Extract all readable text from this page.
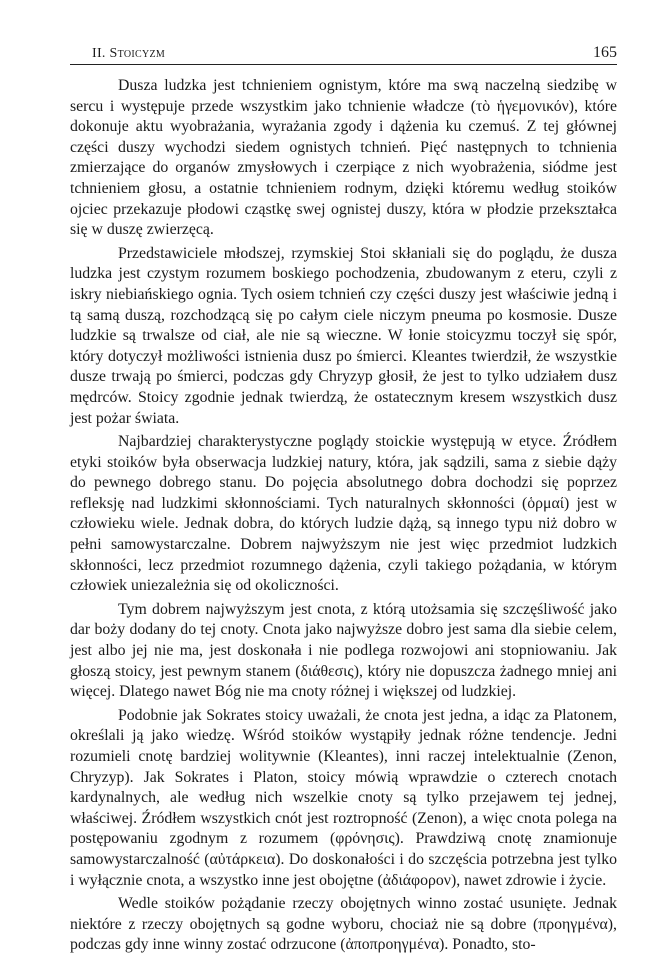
II. Stoicyzm	165

Dusza ludzka jest tchnieniem ognistym, które ma swą naczelną siedzibę w sercu i występuje przede wszystkim jako tchnienie władcze (τὸ ἡγεμονικόν), które dokonuje aktu wyobrażania, wyrażania zgody i dążenia ku czemuś. Z tej głównej części duszy wychodzi siedem ognistych tchnień. Pięć następnych to tchnienia zmierzające do organów zmysłowych i czerpiące z nich wyobrażenia, siódme jest tchnieniem głosu, a ostatnie tchnieniem rodnym, dzięki któremu według stoików ojciec przekazuje płodowi cząstkę swej ognistej duszy, która w płodzie przekształca się w duszę zwierzęcą.

Przedstawiciele młodszej, rzymskiej Stoi skłaniali się do poglądu, że dusza ludzka jest czystym rozumem boskiego pochodzenia, zbudowanym z eteru, czyli z iskry niebiańskiego ognia. Tych osiem tchnień czy części duszy jest właściwie jedną i tą samą duszą, rozchodzącą się po całym ciele niczym pneuma po kosmosie. Dusze ludzkie są trwalsze od ciał, ale nie są wieczne. W łonie stoicyzmu toczył się spór, który dotyczył możliwości istnienia dusz po śmierci. Kleantes twierdził, że wszystkie dusze trwają po śmierci, podczas gdy Chryzyp głosił, że jest to tylko udziałem dusz mędrców. Stoicy zgodnie jednak twierdzą, że ostatecznym kresem wszystkich dusz jest pożar świata.

Najbardziej charakterystyczne poglądy stoickie występują w etyce. Źródłem etyki stoików była obserwacja ludzkiej natury, która, jak sądzili, sama z siebie dąży do pewnego dobrego stanu. Do pojęcia absolutnego dobra dochodzi się poprzez refleksję nad ludzkimi skłonnościami. Tych naturalnych skłonności (ὁρμαί) jest w człowieku wiele. Jednak dobra, do których ludzie dążą, są innego typu niż dobro w pełni samowystarczalne. Dobrem najwyższym nie jest więc przedmiot ludzkich skłonności, lecz przedmiot rozumnego dążenia, czyli takiego pożądania, w którym człowiek uniezależnia się od okoliczności.

Tym dobrem najwyższym jest cnota, z którą utożsamia się szczęśliwość jako dar boży dodany do tej cnoty. Cnota jako najwyższe dobro jest sama dla siebie celem, jest albo jej nie ma, jest doskonała i nie podlega rozwojowi ani stopniowaniu. Jak głoszą stoicy, jest pewnym stanem (διάθεσις), który nie dopuszcza żadnego mniej ani więcej. Dlatego nawet Bóg nie ma cnoty różnej i większej od ludzkiej.

Podobnie jak Sokrates stoicy uważali, że cnota jest jedna, a idąc za Platonem, określali ją jako wiedzę. Wśród stoików wystąpiły jednak różne tendencje. Jedni rozumieli cnotę bardziej wolitywnie (Kleantes), inni raczej intelektualnie (Zenon, Chryzyp). Jak Sokrates i Platon, stoicy mówią wprawdzie o czterech cnotach kardynalnych, ale według nich wszelkie cnoty są tylko przejawem tej jednej, właściwej. Źródłem wszystkich cnót jest roztropność (Zenon), a więc cnota polega na postępowaniu zgodnym z rozumem (φρόνησις). Prawdziwą cnotę znamionuje samowystarczalność (αὐτάρκεια). Do doskonałości i do szczęścia potrzebna jest tylko i wyłącznie cnota, a wszystko inne jest obojętne (ἀδιάφορον), nawet zdrowie i życie.

Wedle stoików pożądanie rzeczy obojętnych winno zostać usunięte. Jednak niektóre z rzeczy obojętnych są godne wyboru, chociaż nie są dobre (προηγμένα), podczas gdy inne winny zostać odrzucone (ἀποπροηγμένα). Ponadto, sto-
